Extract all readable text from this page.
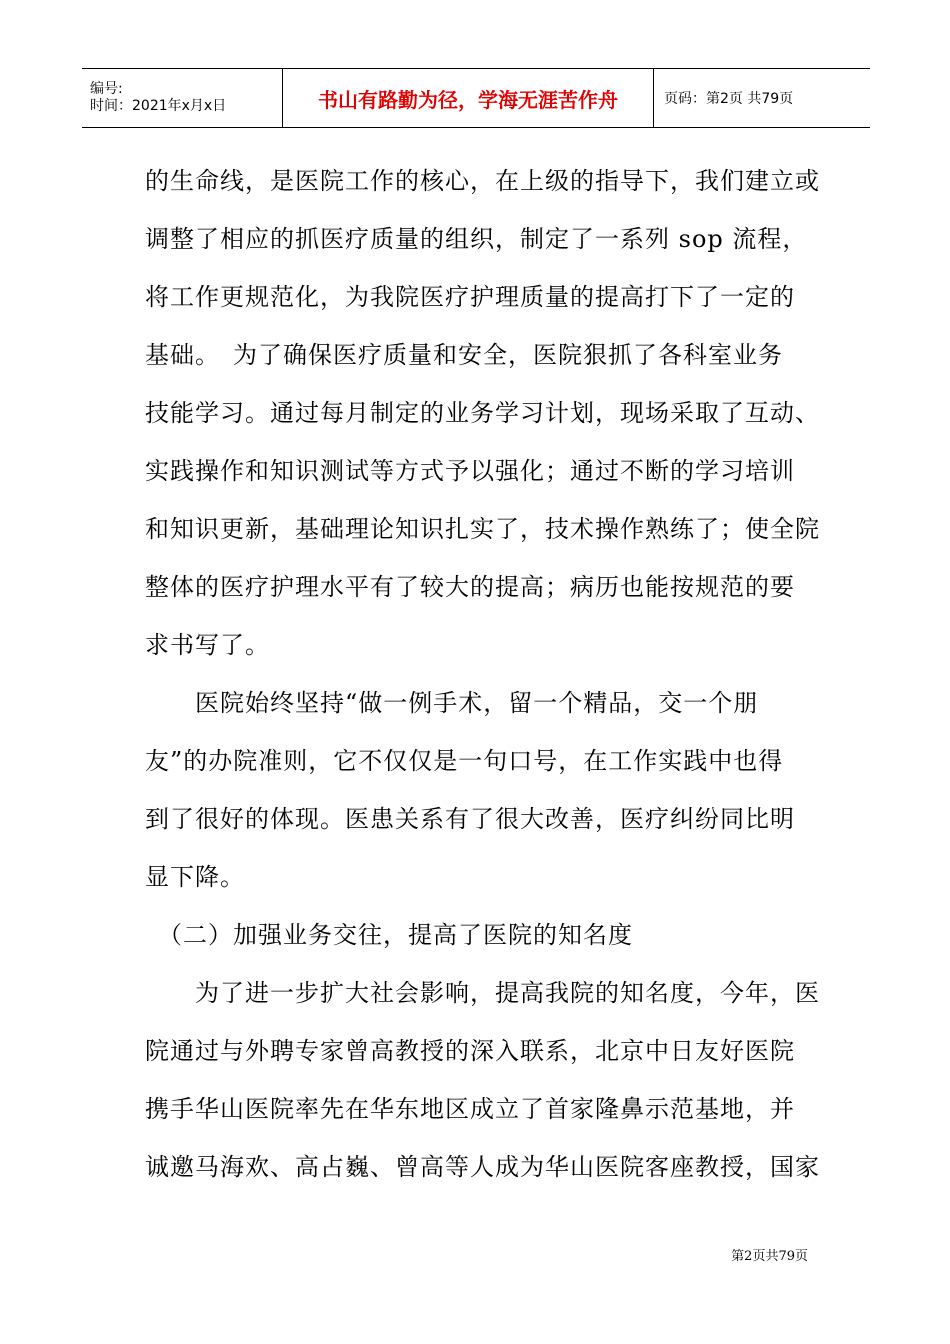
编号:
时间：2021年x月x日	书山有路勤为径，学海无涯苦作舟	页码：第2页 共79页
的生命线，是医院工作的核心，在上级的指导下，我们建立或
调整了相应的抓医疗质量的组织，制定了一系列 sop 流程，
将工作更规范化，为我院医疗护理质量的提高打下了一定的
基础。　为了确保医疗质量和安全，医院狠抓了各科室业务
技能学习。通过每月制定的业务学习计划，现场采取了互动、
实践操作和知识测试等方式予以强化；通过不断的学习培训
和知识更新，基础理论知识扎实了，技术操作熟练了；使全院
整体的医疗护理水平有了较大的提高；病历也能按规范的要
求书写了。
　　医院始终坚持“做一例手术，留一个精品，交一个朋
友”的办院准则，它不仅仅是一句口号，在工作实践中也得
到了很好的体现。医患关系有了很大改善，医疗纠纷同比明
显下降。
　（二）加强业务交往，提高了医院的知名度
　　为了进一步扩大社会影响，提高我院的知名度，今年，医
院通过与外聘专家曾高教授的深入联系，北京中日友好医院
携手华山医院率先在华东地区成立了首家隆鼻示范基地，并
诚邀马海欢、高占巍、曾高等人成为华山医院客座教授，国家
第2页共79页
